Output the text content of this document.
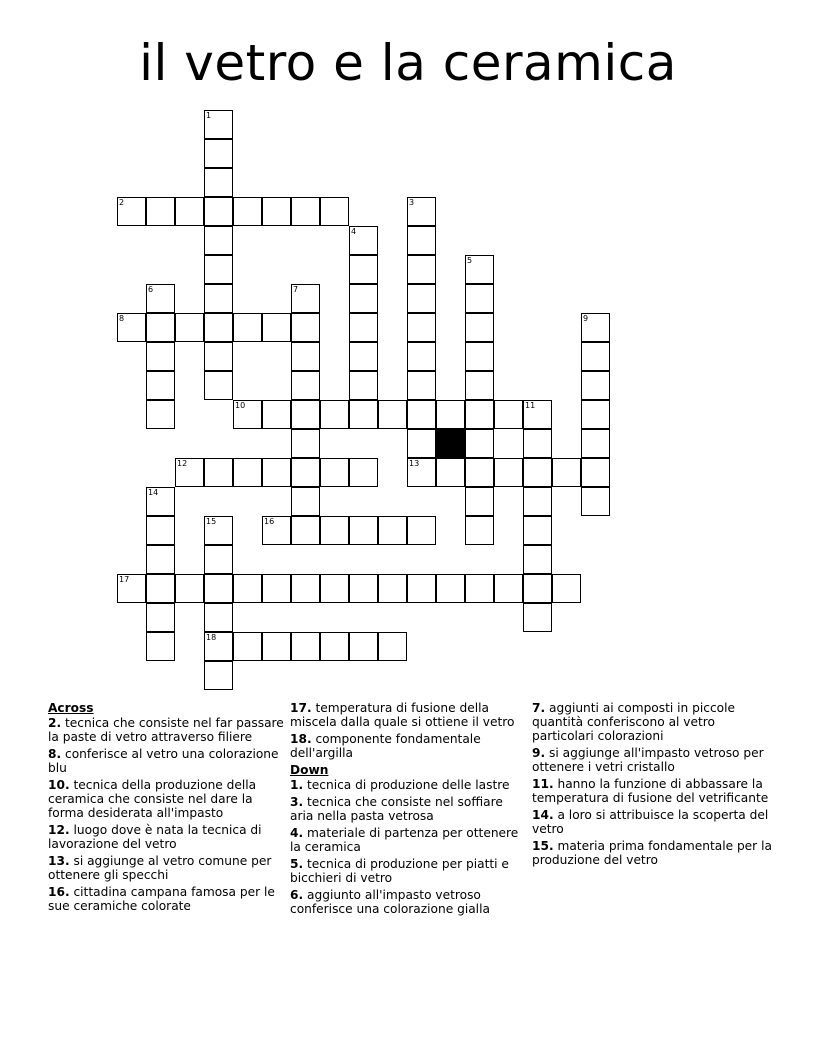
il vetro e la ceramica
1
2	3
13
4
5
6	7
8	9
10	11
12
14
15
18
16
17
Across
2. tecnica che consiste nel far passare la paste di vetro attraverso filiere
8. conferisce al vetro una colorazione blu
10. tecnica della produzione della ceramica che consiste nel dare la forma desiderata all'impasto
12. luogo dove è nata la tecnica di lavorazione del vetro
13. si aggiunge al vetro comune per ottenere gli specchi
16. cittadina campana famosa per le sue ceramiche colorate
17. temperatura di fusione della miscela dalla quale si ottiene il vetro
18. componente fondamentale dell'argilla
Down
1. tecnica di produzione delle lastre
3. tecnica che consiste nel soffiare aria nella pasta vetrosa
4. materiale di partenza per ottenere la ceramica
5. tecnica di produzione per piatti e bicchieri di vetro
6. aggiunto all'impasto vetroso conferisce una colorazione gialla
7. aggiunti ai composti in piccole quantità conferiscono al vetro particolari colorazioni
9. si aggiunge all'impasto vetroso per ottenere i vetri cristallo
11. hanno la funzione di abbassare la temperatura di fusione del vetrificante
14. a loro si attribuisce la scoperta del vetro
15. materia prima fondamentale per la produzione del vetro
